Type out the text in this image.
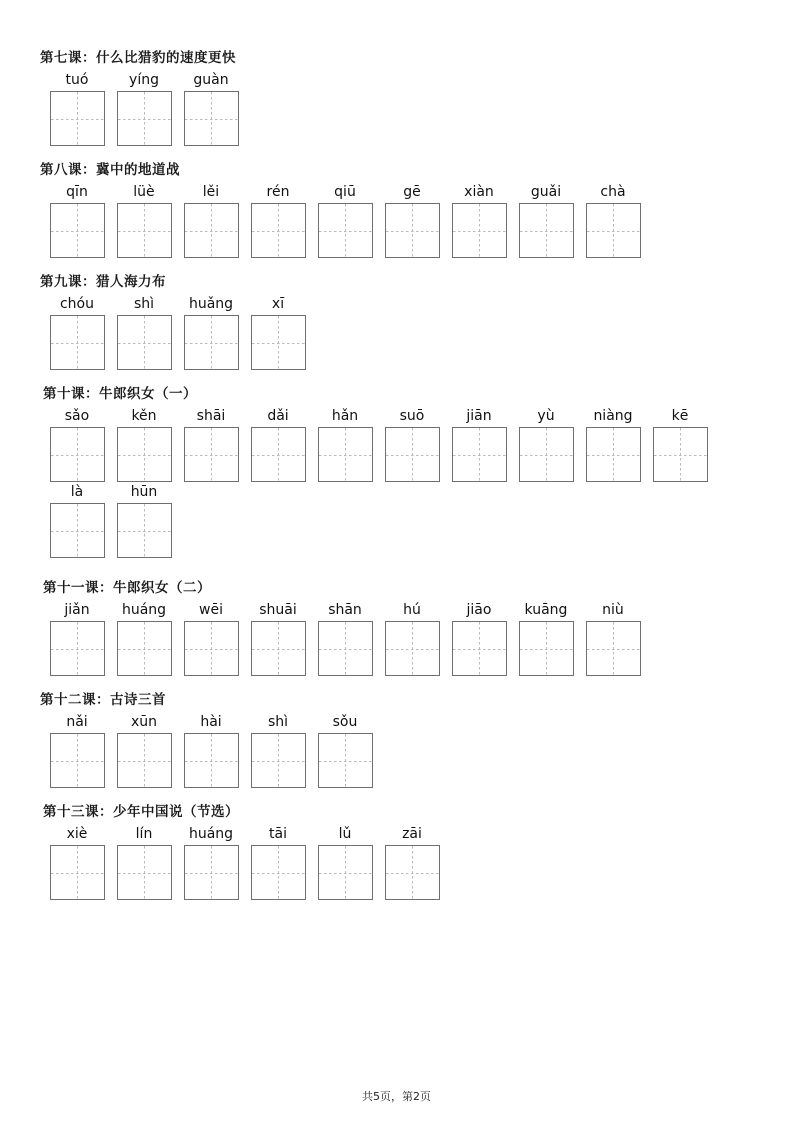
第七课：什么比猎豹的速度更快
tuó	yíng	guàn
第八课：冀中的地道战
qīn	lüè	lěi	rén	qiū	gē	xiàn	guǎi	chà
第九课：猎人海力布
chóu	shì	huǎng	xī
第十课：牛郎织女（一）
sǎo	kěn	shāi	dǎi	hǎn	suō	jiān	yù	niàng	kē
là	hūn
第十一课：牛郎织女（二）
jiǎn	huáng	wēi	shuāi	shān	hú	jiāo	kuāng	niù
第十二课：古诗三首
nǎi	xūn	hài	shì	sǒu
第十三课：少年中国说（节选）
xiè	lín	huáng	tāi	lǔ	zāi
共5页，第2页
